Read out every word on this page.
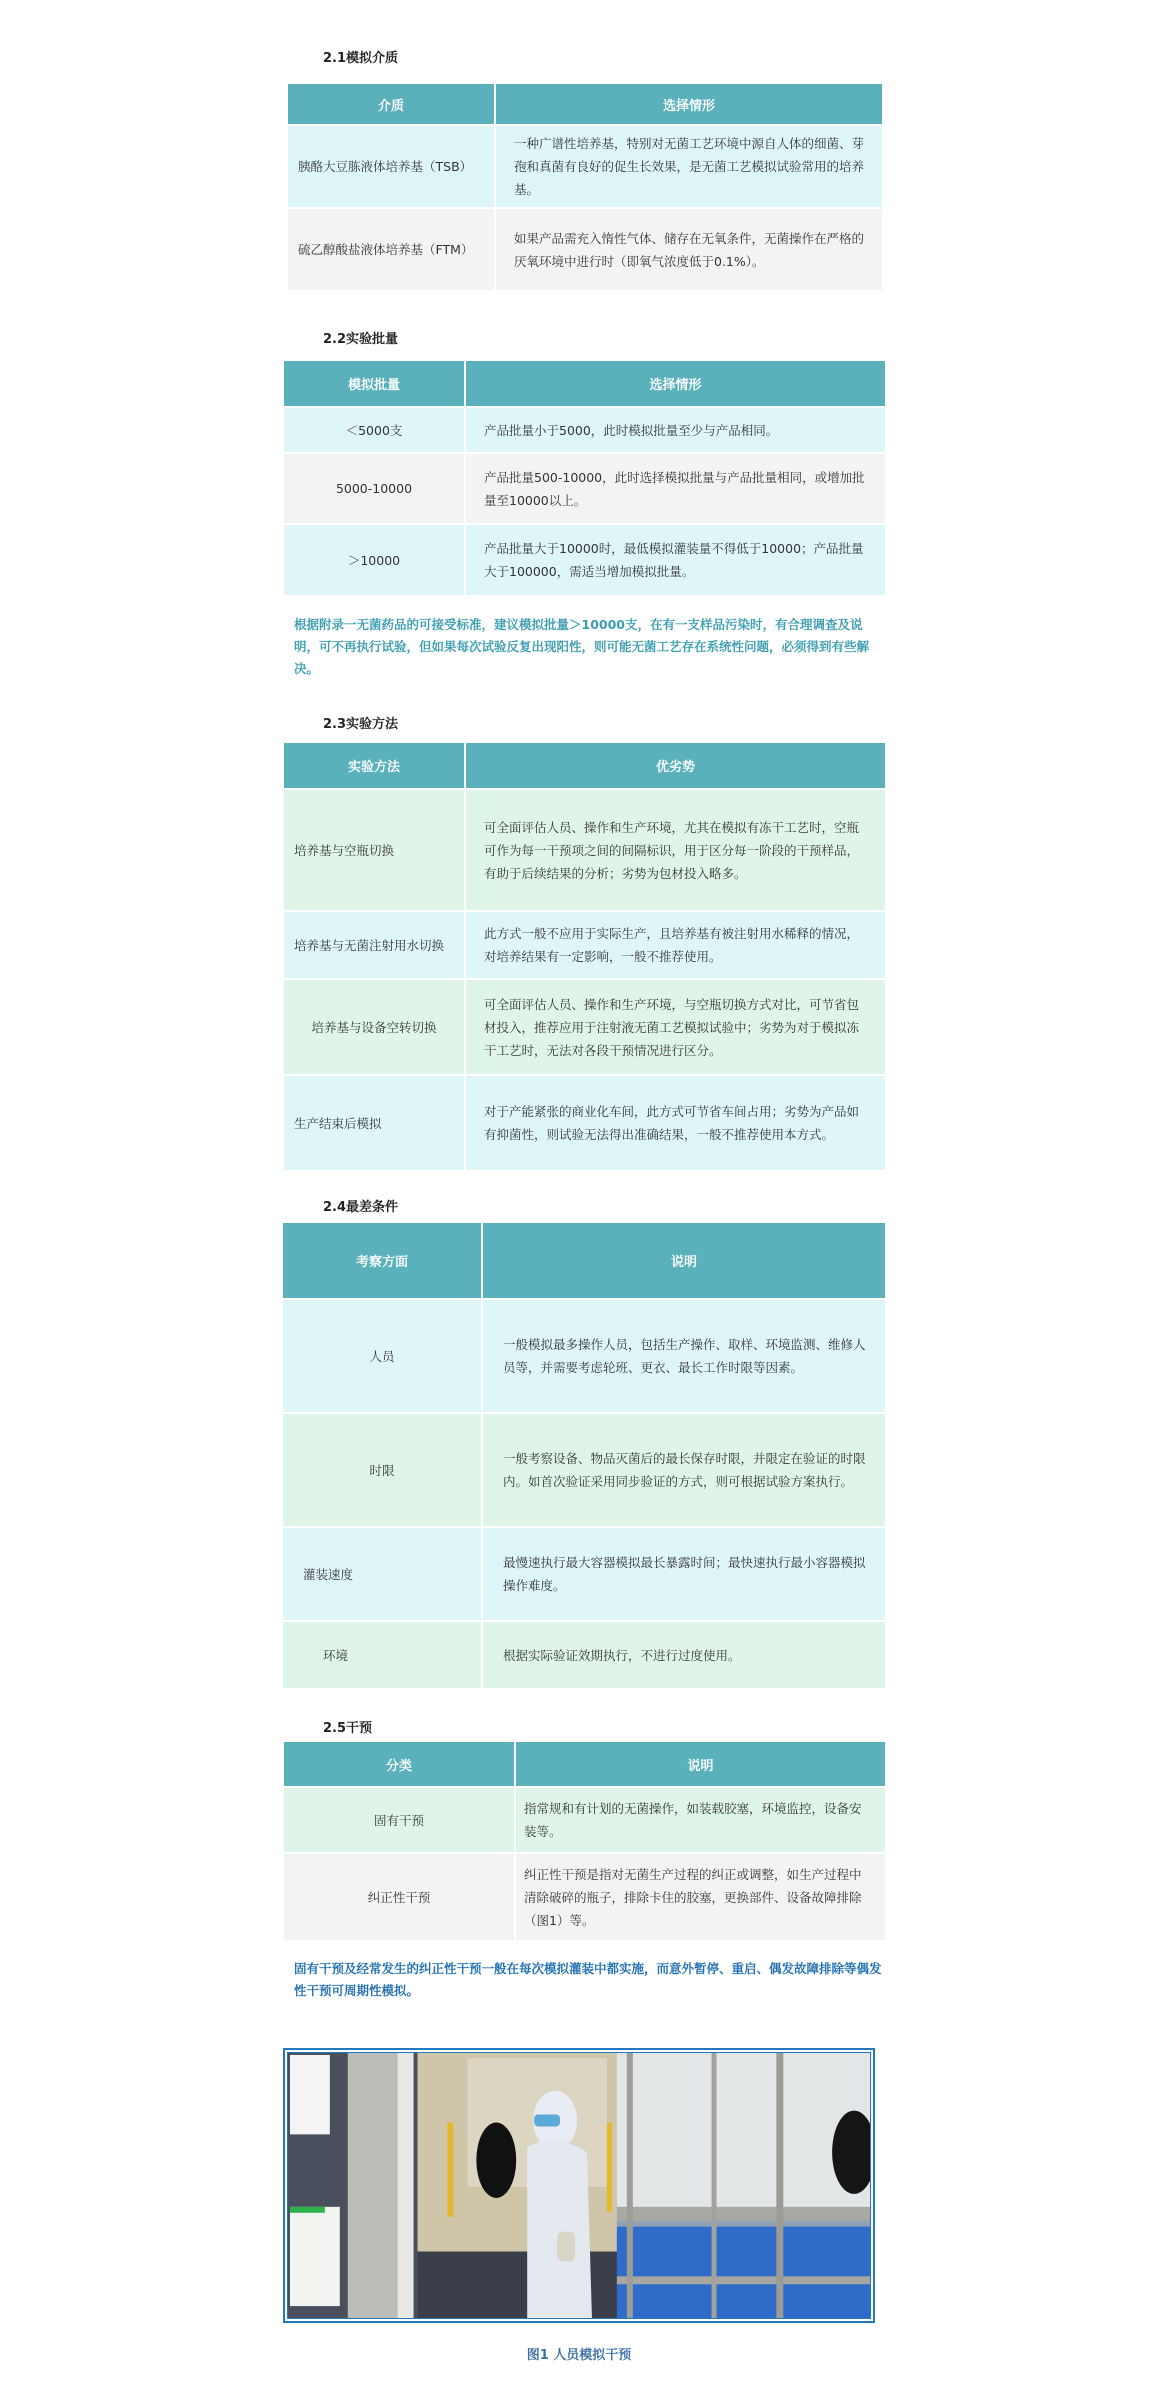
2.1模拟介质
介质	选择情形
胰酪大豆胨液体培养基（TSB）	一种广谱性培养基，特别对无菌工艺环境中源自人体的细菌、芽孢和真菌有良好的促生长效果，是无菌工艺模拟试验常用的培养基。
硫乙醇酸盐液体培养基（FTM）	如果产品需充入惰性气体、储存在无氧条件，无菌操作在严格的厌氧环境中进行时（即氧气浓度低于0.1%）。
2.2实验批量
模拟批量	选择情形
＜5000支	产品批量小于5000，此时模拟批量至少与产品相同。
5000-10000	产品批量500-10000，此时选择模拟批量与产品批量相同，或增加批量至10000以上。
＞10000	产品批量大于10000时，最低模拟灌装量不得低于10000；产品批量大于100000，需适当增加模拟批量。
根据附录一无菌药品的可接受标准，建议模拟批量＞10000支，在有一支样品污染时，有合理调查及说明，可不再执行试验，但如果每次试验反复出现阳性，则可能无菌工艺存在系统性问题，必须得到有些解决。
2.3实验方法
实验方法	优劣势
培养基与空瓶切换	可全面评估人员、操作和生产环境，尤其在模拟有冻干工艺时，空瓶可作为每一干预项之间的间隔标识，用于区分每一阶段的干预样品，有助于后续结果的分析；劣势为包材投入略多。
培养基与无菌注射用水切换	此方式一般不应用于实际生产，且培养基有被注射用水稀释的情况，对培养结果有一定影响，一般不推荐使用。
培养基与设备空转切换	可全面评估人员、操作和生产环境，与空瓶切换方式对比，可节省包材投入，推荐应用于注射液无菌工艺模拟试验中；劣势为对于模拟冻干工艺时，无法对各段干预情况进行区分。
生产结束后模拟	对于产能紧张的商业化车间，此方式可节省车间占用；劣势为产品如有抑菌性，则试验无法得出准确结果，一般不推荐使用本方式。
2.4最差条件
考察方面	说明
人员	一般模拟最多操作人员，包括生产操作、取样、环境监测、维修人员等，并需要考虑轮班、更衣、最长工作时限等因素。
时限	一般考察设备、物品灭菌后的最长保存时限，并限定在验证的时限内。如首次验证采用同步验证的方式，则可根据试验方案执行。
灌装速度	最慢速执行最大容器模拟最长暴露时间；最快速执行最小容器模拟操作难度。
环境	根据实际验证效期执行，不进行过度使用。
2.5干预
分类	说明
固有干预	指常规和有计划的无菌操作，如装载胶塞，环境监控，设备安装等。
纠正性干预	纠正性干预是指对无菌生产过程的纠正或调整，如生产过程中清除破碎的瓶子，排除卡住的胶塞，更换部件、设备故障排除（图1）等。
固有干预及经常发生的纠正性干预一般在每次模拟灌装中都实施，而意外暂停、重启、偶发故障排除等偶发性干预可周期性模拟。
图1 人员模拟干预
